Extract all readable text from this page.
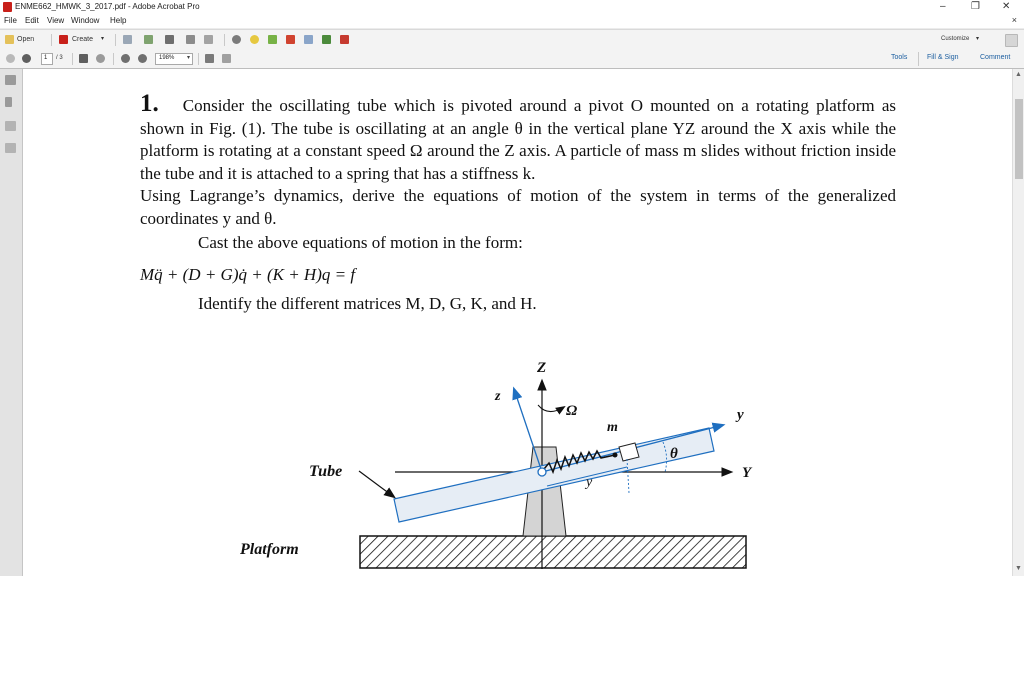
ENME662_HMWK_3_2017.pdf - Adobe Acrobat Pro	–	❐ ✕
File Edit View Window Help	×
Open	Create ▾	Customize ▾
1 / 3	198% ▾	Tools	Fill & Sign	Comment

1. Consider the oscillating tube which is pivoted around a pivot O mounted on a rotating platform as shown in Fig. (1). The tube is oscillating at an angle θ in the vertical plane YZ around the X axis while the platform is rotating at a constant speed Ω around the Z axis. A particle of mass m slides without friction inside the tube and it is attached to a spring that has a stiffness k.

Using Lagrange’s dynamics, derive the equations of motion of the system in terms of the generalized coordinates y and θ.

Cast the above equations of motion in the form:

Mq̈ + (D + G)q̇ + (K + H)q = f

Identify the different matrices M, D, G, K, and H.

Z
z
Ω
m
y
θ
Y
y
Tube
Platform
▲
▼
